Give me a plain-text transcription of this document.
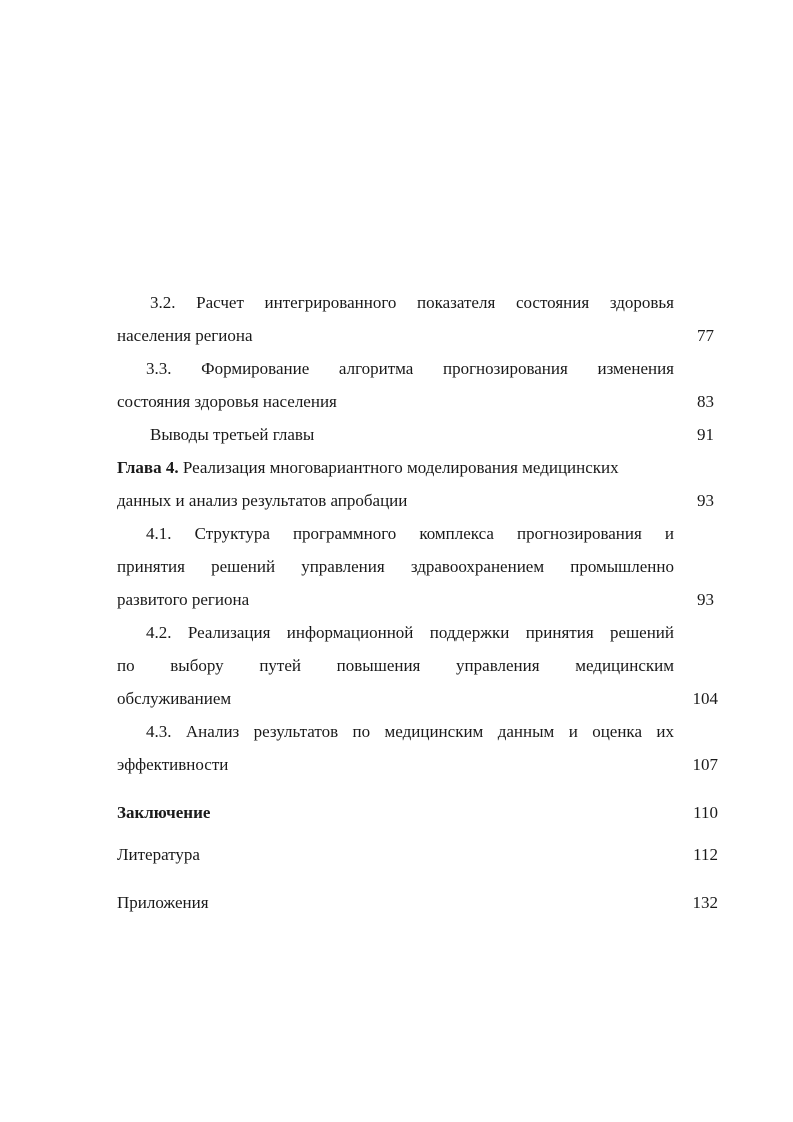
3.2. Расчет интегрированного показателя состояния здоровья
населения региона	77
3.3. Формирование алгоритма прогнозирования изменения
состояния здоровья населения	83
Выводы третьей главы	91
Глава 4. Реализация многовариантного моделирования медицинских
данных и анализ результатов апробации	93
4.1. Структура программного комплекса прогнозирования и
принятия решений управления здравоохранением промышленно
развитого региона	93
4.2. Реализация информационной поддержки принятия решений
по выбору путей повышения управления медицинским
обслуживанием	104
4.3. Анализ результатов по медицинским данным и оценка их
эффективности	107
Заключение	110
Литература	112
Приложения	132
